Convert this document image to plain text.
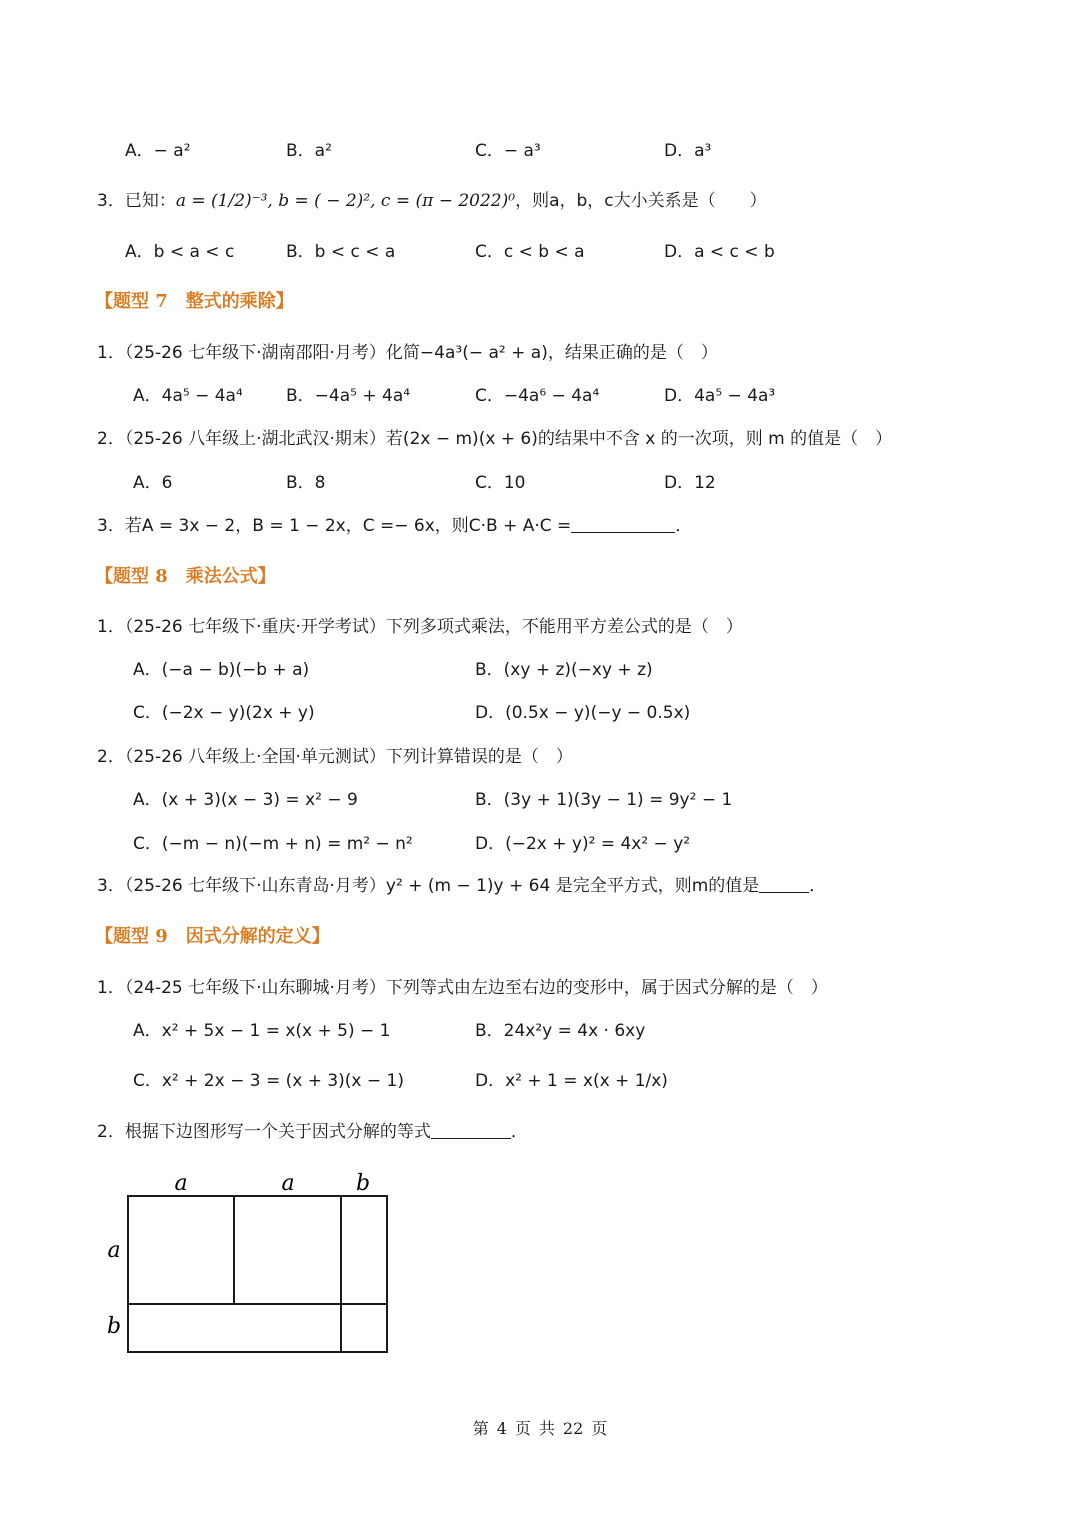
A．− a²	B．a²	C．− a³	D．a³
3．已知：a = (1/2)⁻³, b = ( − 2)², c = (π − 2022)⁰，则a，b，c大小关系是（　　）
A．b < a < c	B．b < c < a	C．c < b < a	D．a < c < b
【题型 7　整式的乘除】
1．（25-26 七年级下·湖南邵阳·月考）化简−4a³(− a² + a)，结果正确的是（　）
A．4a⁵ − 4a⁴	B．−4a⁵ + 4a⁴	C．−4a⁶ − 4a⁴	D．4a⁵ − 4a³
2．（25-26 八年级上·湖北武汉·期末）若(2x − m)(x + 6)的结果中不含 x 的一次项，则 m 的值是（　）
A．6	B．8	C．10	D．12
3．若A = 3x − 2，B = 1 − 2x，C =− 6x，则C·B + A·C =	．
【题型 8　乘法公式】
1．（25-26 七年级下·重庆·开学考试）下列多项式乘法，不能用平方差公式的是（　）
A．(−a − b)(−b + a)	B．(xy + z)(−xy + z)
C．(−2x − y)(2x + y)	D．(0.5x − y)(−y − 0.5x)
2．（25-26 八年级上·全国·单元测试）下列计算错误的是（　）
A．(x + 3)(x − 3) = x² − 9	B．(3y + 1)(3y − 1) = 9y² − 1
C．(−m − n)(−m + n) = m² − n²	D．(−2x + y)² = 4x² − y²
3．（25-26 七年级下·山东青岛·月考）y² + (m − 1)y + 64 是完全平方式，则m的值是	．
【题型 9　因式分解的定义】
1．（24-25 七年级下·山东聊城·月考）下列等式由左边至右边的变形中，属于因式分解的是（　）
A．x² + 5x − 1 = x(x + 5) − 1	B．24x²y = 4x · 6xy
C．x² + 2x − 3 = (x + 3)(x − 1)	D．x² + 1 = x(x + 1/x)
2．根据下边图形写一个关于因式分解的等式	．
a	a	b
a
b
第 4 页 共 22 页
